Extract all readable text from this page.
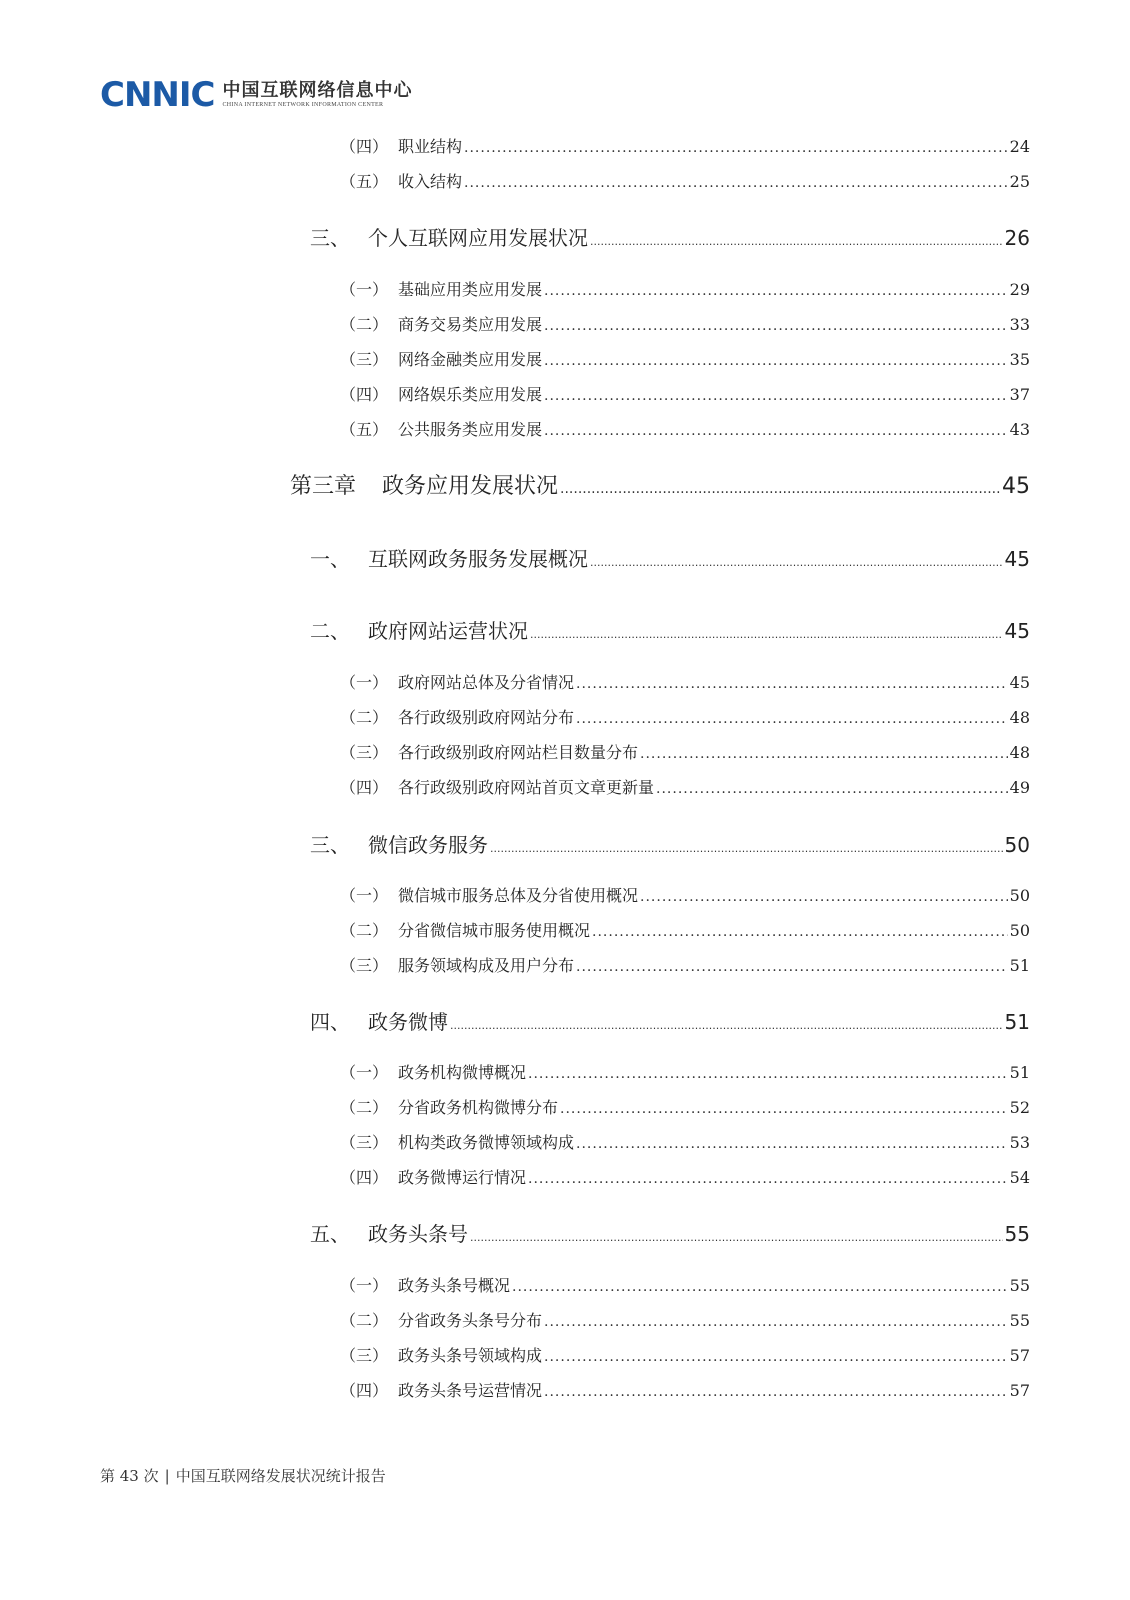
CNNIC 中国互联网络信息中心
CHINA INTERNET NETWORK INFORMATION CENTER
（四） 职业结构 .....	24
（五） 收入结构 .....	25
三、 个人互联网应用发展状况 .....	26
（一） 基础应用类应用发展 .....	29
（二） 商务交易类应用发展 .....	33
（三） 网络金融类应用发展 .....	35
（四） 网络娱乐类应用发展 .....	37
（五） 公共服务类应用发展 .....	43
第三章	政务应用发展状况 .....	45
一、 互联网政务服务发展概况 .....	45
二、 政府网站运营状况 .....	45
（一） 政府网站总体及分省情况 .....	45
（二） 各行政级别政府网站分布 .....	48
（三） 各行政级别政府网站栏目数量分布 .....	48
（四） 各行政级别政府网站首页文章更新量 .....	49
三、 微信政务服务 .....	50
（一） 微信城市服务总体及分省使用概况 .....	50
（二） 分省微信城市服务使用概况 .....	50
（三） 服务领域构成及用户分布 .....	51
四、 政务微博 .....	51
（一） 政务机构微博概况 .....	51
（二） 分省政务机构微博分布 .....	52
（三） 机构类政务微博领域构成 .....	53
（四） 政务微博运行情况 .....	54
五、 政务头条号 .....	55
（一） 政务头条号概况 .....	55
（二） 分省政务头条号分布 .....	55
（三） 政务头条号领域构成 .....	57
（四） 政务头条号运营情况 .....	57
第 43 次 | 中国互联网络发展状况统计报告
